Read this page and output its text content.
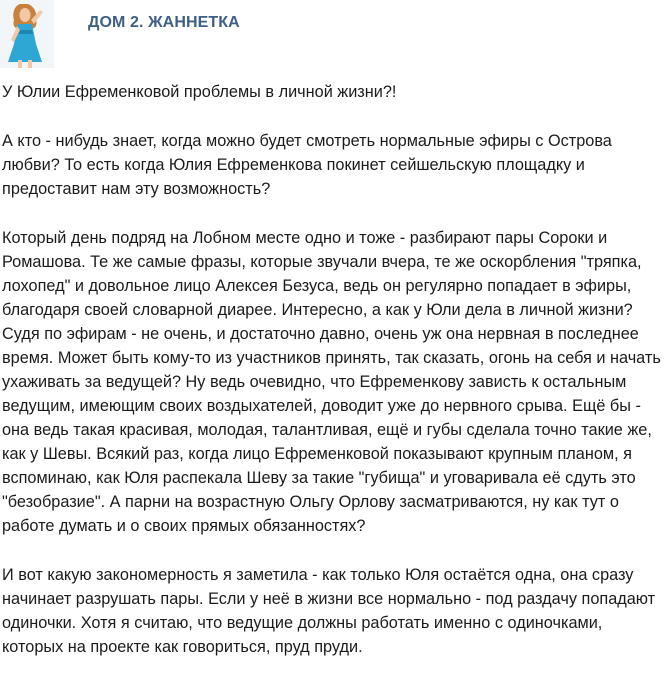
ДОМ 2. ЖАННЕТКА

У Юлии Ефременковой проблемы в личной жизни?!

А кто - нибудь знает, когда можно будет смотреть нормальные эфиры с Острова любви? То есть когда Юлия Ефременкова покинет сейшельскую площадку и предоставит нам эту возможность?

Который день подряд на Лобном месте одно и тоже - разбирают пары Сороки и Ромашова. Те же самые фразы, которые звучали вчера, те же оскорбления "тряпка, лохопед" и довольное лицо Алексея Безуса, ведь он регулярно попадает в эфиры, благодаря своей словарной диарее. Интересно, а как у Юли дела в личной жизни? Судя по эфирам - не очень, и достаточно давно, очень уж она нервная в последнее время. Может быть кому-то из участников принять, так сказать, огонь на себя и начать ухаживать за ведущей? Ну ведь очевидно, что Ефременкову зависть к остальным ведущим, имеющим своих воздыхателей, доводит уже до нервного срыва. Ещё бы - она ведь такая красивая, молодая, талантливая, ещё и губы сделала точно такие же, как у Шевы. Всякий раз, когда лицо Ефременковой показывают крупным планом, я вспоминаю, как Юля распекала Шеву за такие "губища" и уговаривала её сдуть это "безобразие". А парни на возрастную Ольгу Орлову засматриваются, ну как тут о работе думать и о своих прямых обязанностях?

И вот какую закономерность я заметила - как только Юля остаётся одна, она сразу начинает разрушать пары. Если у неё в жизни все нормально - под раздачу попадают одиночки. Хотя я считаю, что ведущие должны работать именно с одиночками, которых на проекте как говориться, пруд пруди.
